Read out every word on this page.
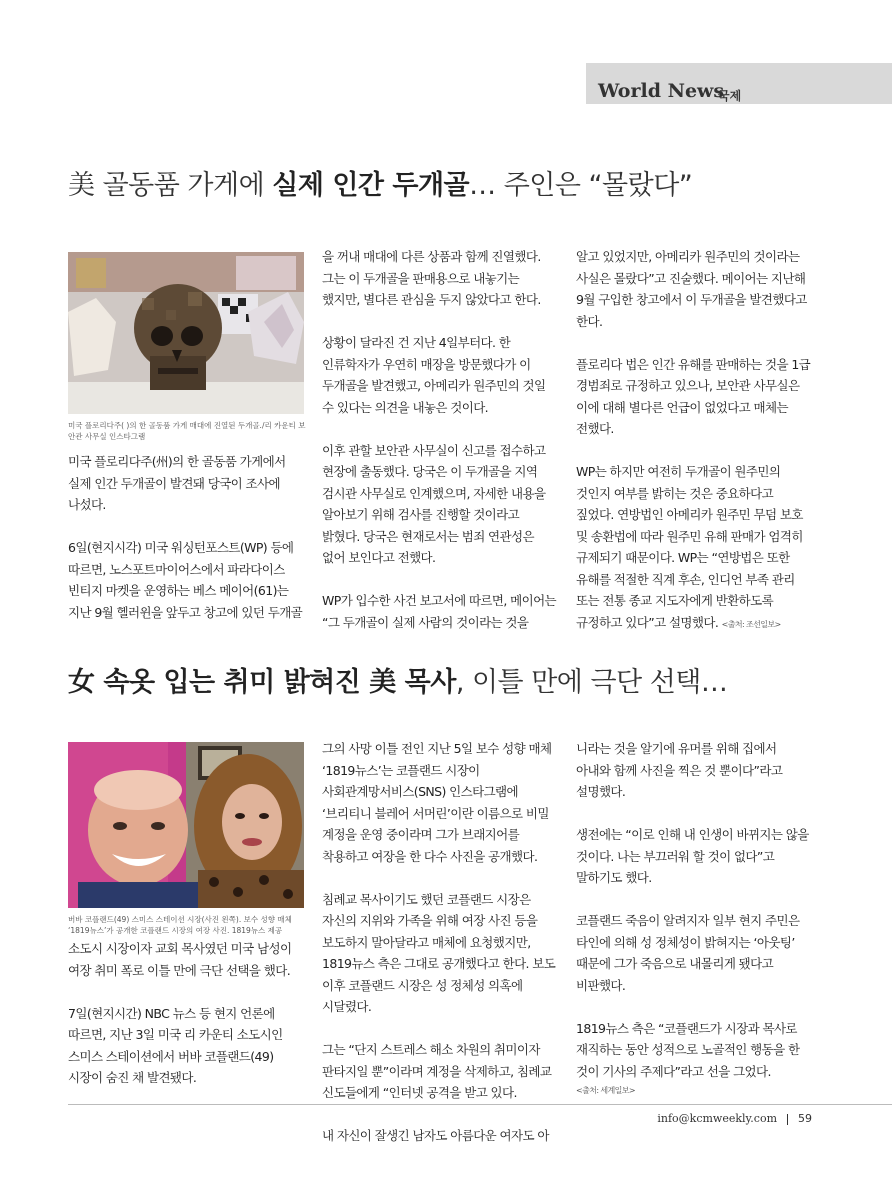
World News
국제
美 골동품 가게에 실제 인간 두개골… 주인은 “몰랐다”
미국 플로리다주( )의 한 골동품 가게 매대에 진열된 두개골./리 카운티 보안관 사무실 인스타그램

미국 플로리다주(州)의 한 골동품 가게에서 실제 인간 두개골이 발견돼 당국이 조사에 나섰다.

6일(현지시각) 미국 워싱턴포스트(WP) 등에 따르면, 노스포트마이어스에서 파라다이스 빈티지 마켓을 운영하는 베스 메이어(61)는 지난 9월 헬러윈을 앞두고 창고에 있던 두개골

을 꺼내 매대에 다른 상품과 함께 진열했다. 그는 이 두개골을 판매용으로 내놓기는 했지만, 별다른 관심을 두지 않았다고 한다.

상황이 달라진 건 지난 4일부터다. 한 인류학자가 우연히 매장을 방문했다가 이 두개골을 발견했고, 아메리카 원주민의 것일 수 있다는 의견을 내놓은 것이다.

이후 관할 보안관 사무실이 신고를 접수하고 현장에 출동했다. 당국은 이 두개골을 지역 검시관 사무실로 인계했으며, 자세한 내용을 알아보기 위해 검사를 진행할 것이라고 밝혔다. 당국은 현재로서는 범죄 연관성은 없어 보인다고 전했다.

WP가 입수한 사건 보고서에 따르면, 메이어는 “그 두개골이 실제 사람의 것이라는 것을

알고 있었지만, 아메리카 원주민의 것이라는 사실은 몰랐다”고 진술했다. 메이어는 지난해 9월 구입한 창고에서 이 두개골을 발견했다고 한다.

플로리다 법은 인간 유해를 판매하는 것을 1급 경범죄로 규정하고 있으나, 보안관 사무실은 이에 대해 별다른 언급이 없었다고 매체는 전했다.

WP는 하지만 여전히 두개골이 원주민의 것인지 여부를 밝히는 것은 중요하다고 짚었다. 연방법인 아메리카 원주민 무덤 보호 및 송환법에 따라 원주민 유해 판매가 엄격히 규제되기 때문이다. WP는 “연방법은 또한 유해를 적절한 직계 후손, 인디언 부족 관리 또는 전통 종교 지도자에게 반환하도록 규정하고 있다”고 설명했다. <출처: 조선일보>

女 속옷 입는 취미 밝혀진 美 목사, 이틀 만에 극단 선택…
버바 코플랜드(49) 스미스 스테이션 시장(사진 왼쪽). 보수 성향 매체 ‘1819뉴스’가 공개한 코플랜드 시장의 여장 사진. 1819뉴스 제공

소도시 시장이자 교회 목사였던 미국 남성이 여장 취미 폭로 이틀 만에 극단 선택을 했다.

7일(현지시간) NBC 뉴스 등 현지 언론에 따르면, 지난 3일 미국 리 카운티 소도시인 스미스 스테이션에서 버바 코플랜드(49) 시장이 숨진 채 발견됐다.

그의 사망 이틀 전인 지난 5일 보수 성향 매체 ‘1819뉴스’는 코플랜드 시장이 사회관계망서비스(SNS) 인스타그램에 ‘브리티니 블레어 서머린’이란 이름으로 비밀 계정을 운영 중이라며 그가 브래지어를 착용하고 여장을 한 다수 사진을 공개했다.

침례교 목사이기도 했던 코플랜드 시장은 자신의 지위와 가족을 위해 여장 사진 등을 보도하지 말아달라고 매체에 요청했지만, 1819뉴스 측은 그대로 공개했다고 한다. 보도 이후 코플랜드 시장은 성 정체성 의혹에 시달렸다.

그는 “단지 스트레스 해소 차원의 취미이자 판타지일 뿐”이라며 계정을 삭제하고, 침례교 신도들에게 “인터넷 공격을 받고 있다.

내 자신이 잘생긴 남자도 아름다운 여자도 아

니라는 것을 알기에 유머를 위해 집에서 아내와 함께 사진을 찍은 것 뿐이다”라고 설명했다.

생전에는 “이로 인해 내 인생이 바뀌지는 않을 것이다. 나는 부끄러워 할 것이 없다”고 말하기도 했다.

코플랜드 죽음이 알려지자 일부 현지 주민은 타인에 의해 성 정체성이 밝혀지는 ‘아웃팅’ 때문에 그가 죽음으로 내몰리게 됐다고 비판했다.

1819뉴스 측은 “코플랜드가 시장과 목사로 재직하는 동안 성적으로 노골적인 행동을 한 것이 기사의 주제다”라고 선을 그었다.

<출처: 세계일보>
info@kcmweekly.com 59
